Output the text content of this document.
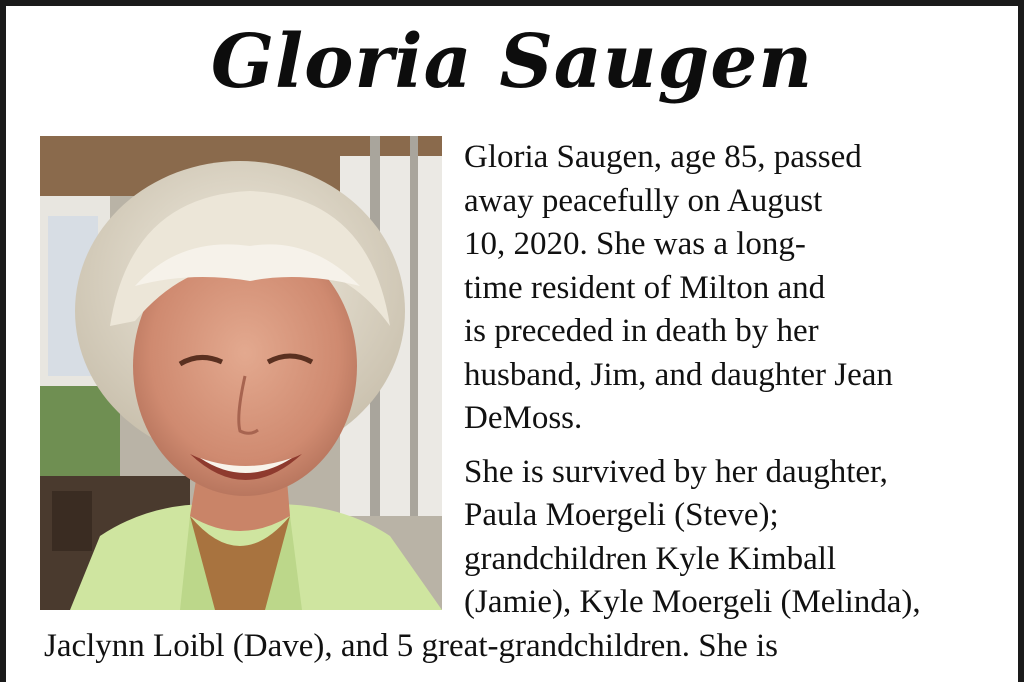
Gloria Saugen

Gloria Saugen, age 85, passed
away peacefully on August
10, 2020. She was a long-
time resident of Milton and
is preceded in death by her
husband, Jim, and daughter Jean
DeMoss.

She is survived by her daughter,
Paula Moergeli (Steve);
grandchildren Kyle Kimball
(Jamie), Kyle Moergeli (Melinda),

Jaclynn Loibl (Dave), and 5 great-grandchildren. She is
